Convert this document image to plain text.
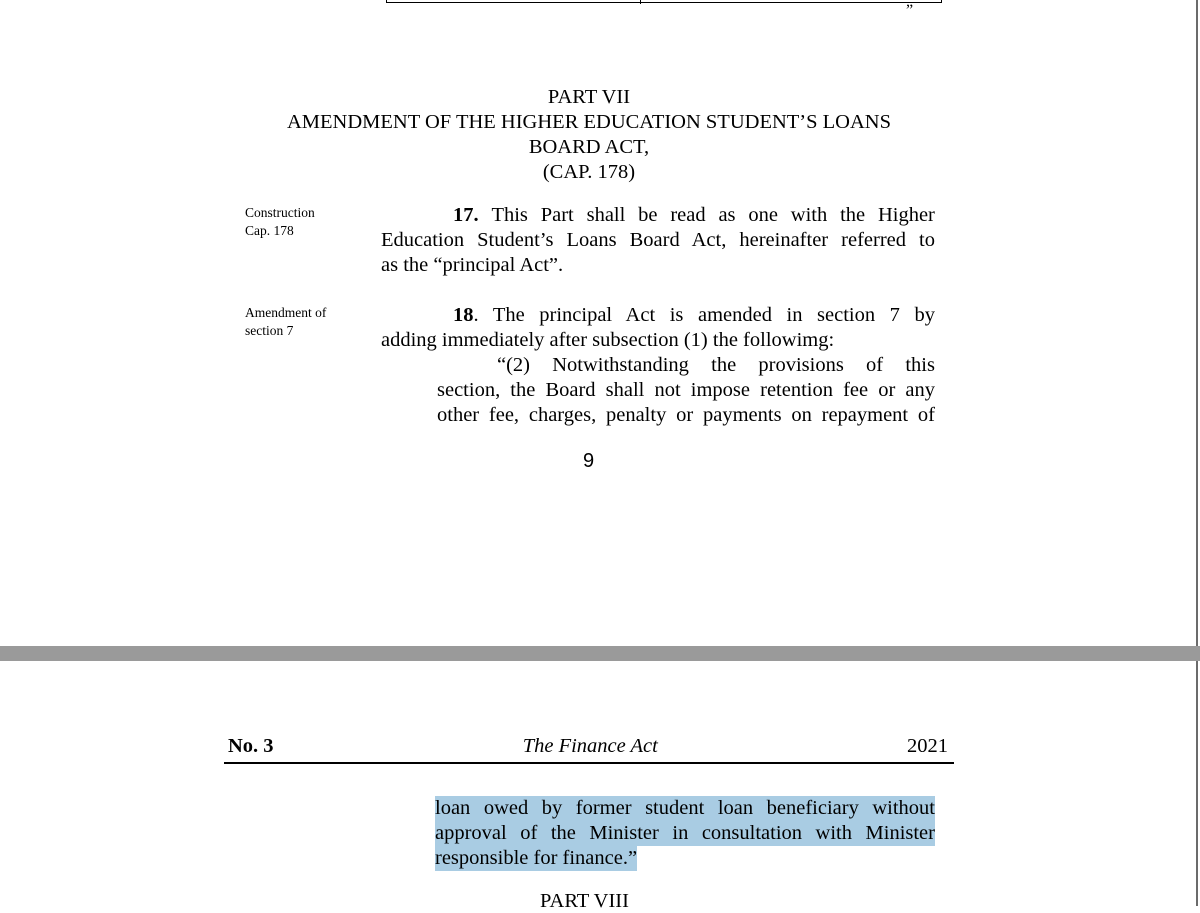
”
PART VII
AMENDMENT OF THE HIGHER EDUCATION STUDENT’S LOANS
BOARD ACT,
(CAP. 178)
Construction
Cap. 178
17. This Part shall be read as one with the Higher
Education Student’s Loans Board Act, hereinafter referred to
as the “principal Act”.
Amendment of
section 7
18. The principal Act is amended in section 7 by
adding immediately after subsection (1) the followimg:
“(2) Notwithstanding the provisions of this
section, the Board shall not impose retention fee or any
other fee, charges, penalty or payments on repayment of
9
No. 3	The Finance Act	2021
loan owed by former student loan beneficiary without
approval of the Minister in consultation with Minister
responsible for finance.”
PART VIII
